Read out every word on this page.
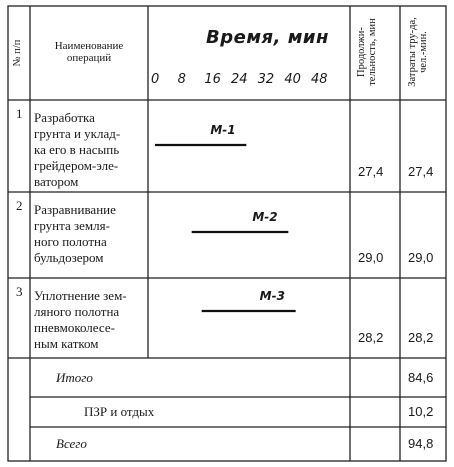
№ п/п	Наименование операций
Время, мин
0 8 16 24 32 40 48
Продолжи-тельность, мин	Затраты тру-да, чел.-мин.
1 Разработка
грунта и уклад-
ка его в насыпь
грейдером-эле-
ватором
М-1
27,4 27,4
2 Разравнивание
грунта земля-
ного полотна
бульдозером
М-2
29,0 29,0
3 Уплотнение зем-
ляного полотна
пневмоколесе-
ным катком
М-3
28,2 28,2
Итого	84,6
ПЗР и отдых	10,2
Всего	94,8
